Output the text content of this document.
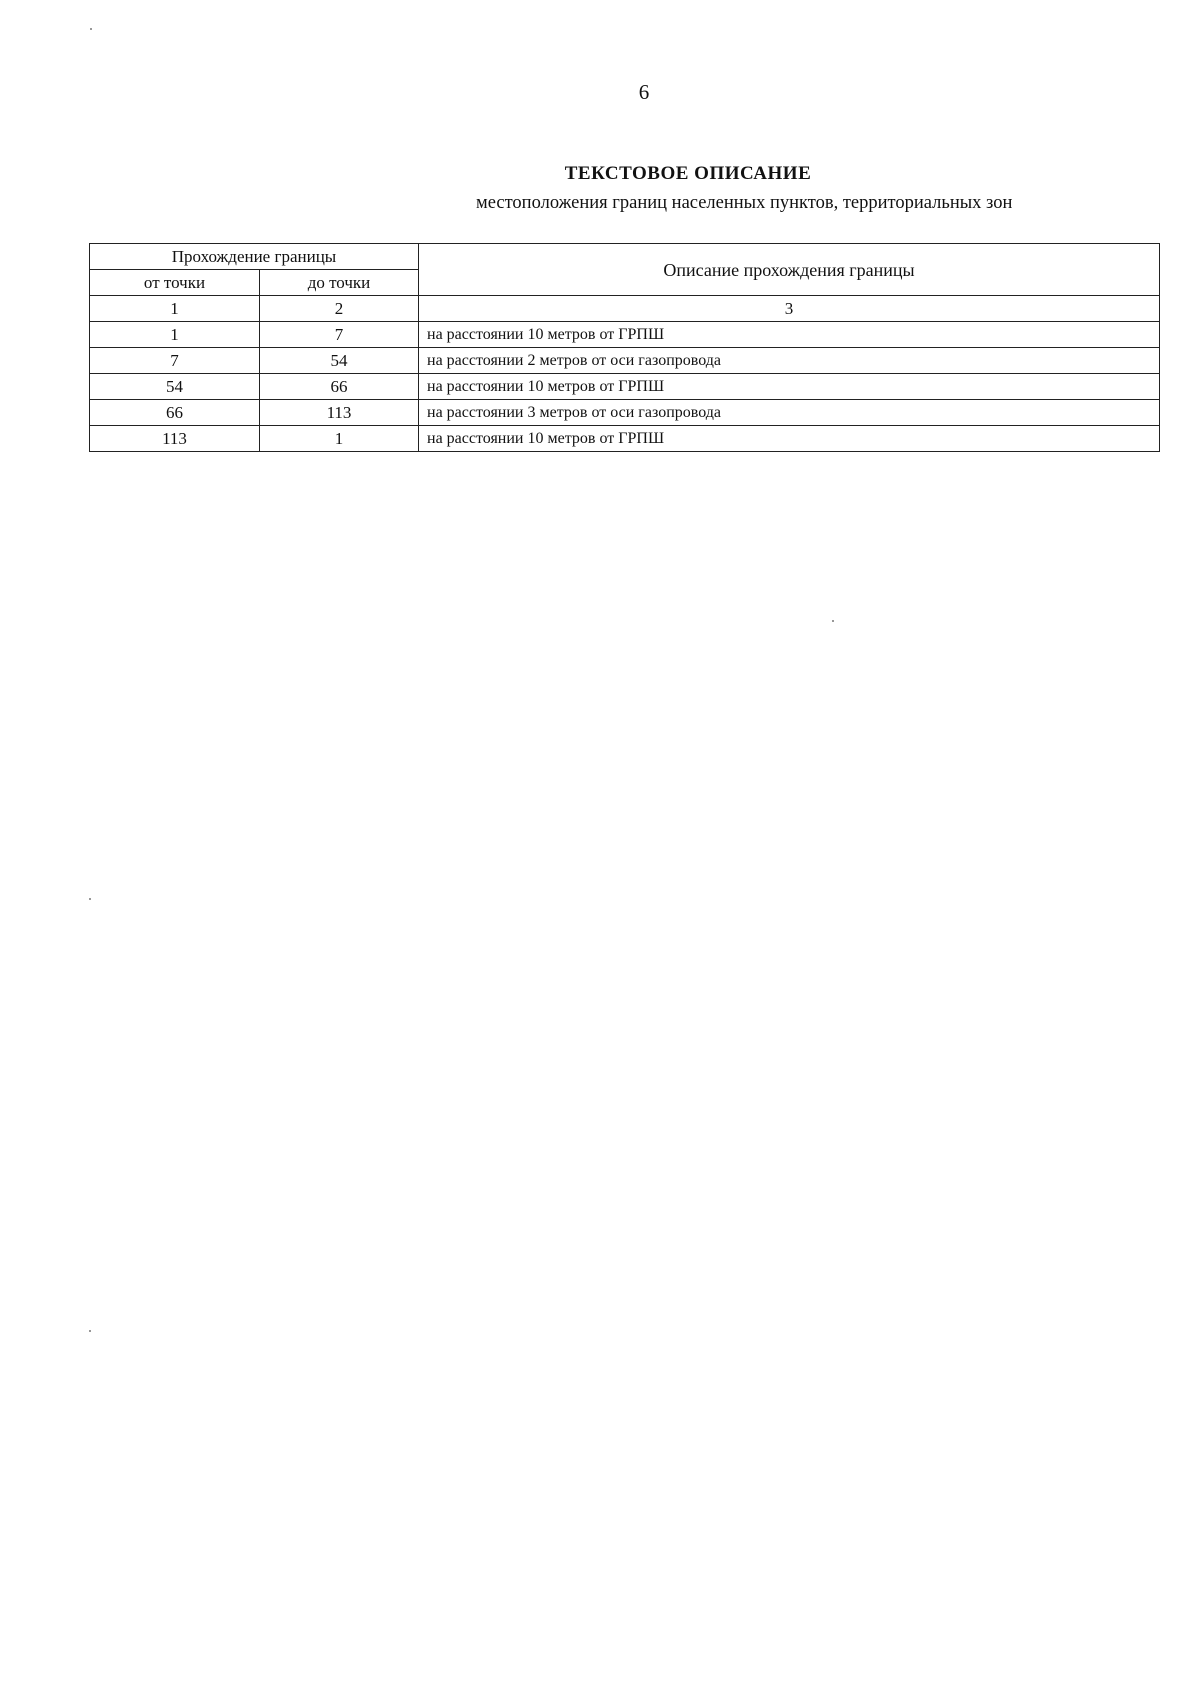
6
ТЕКСТОВОЕ ОПИСАНИЕ
местоположения границ населенных пунктов, территориальных зон
Прохождение границы		Описание прохождения границы
от точки	до точки	
1	2	3
1	7	на расстоянии 10 метров от ГРПШ
7	54	на расстоянии 2 метров от оси газопровода
54	66	на расстоянии 10 метров от ГРПШ
66	113	на расстоянии 3 метров от оси газопровода
113	1	на расстоянии 10 метров от ГРПШ
